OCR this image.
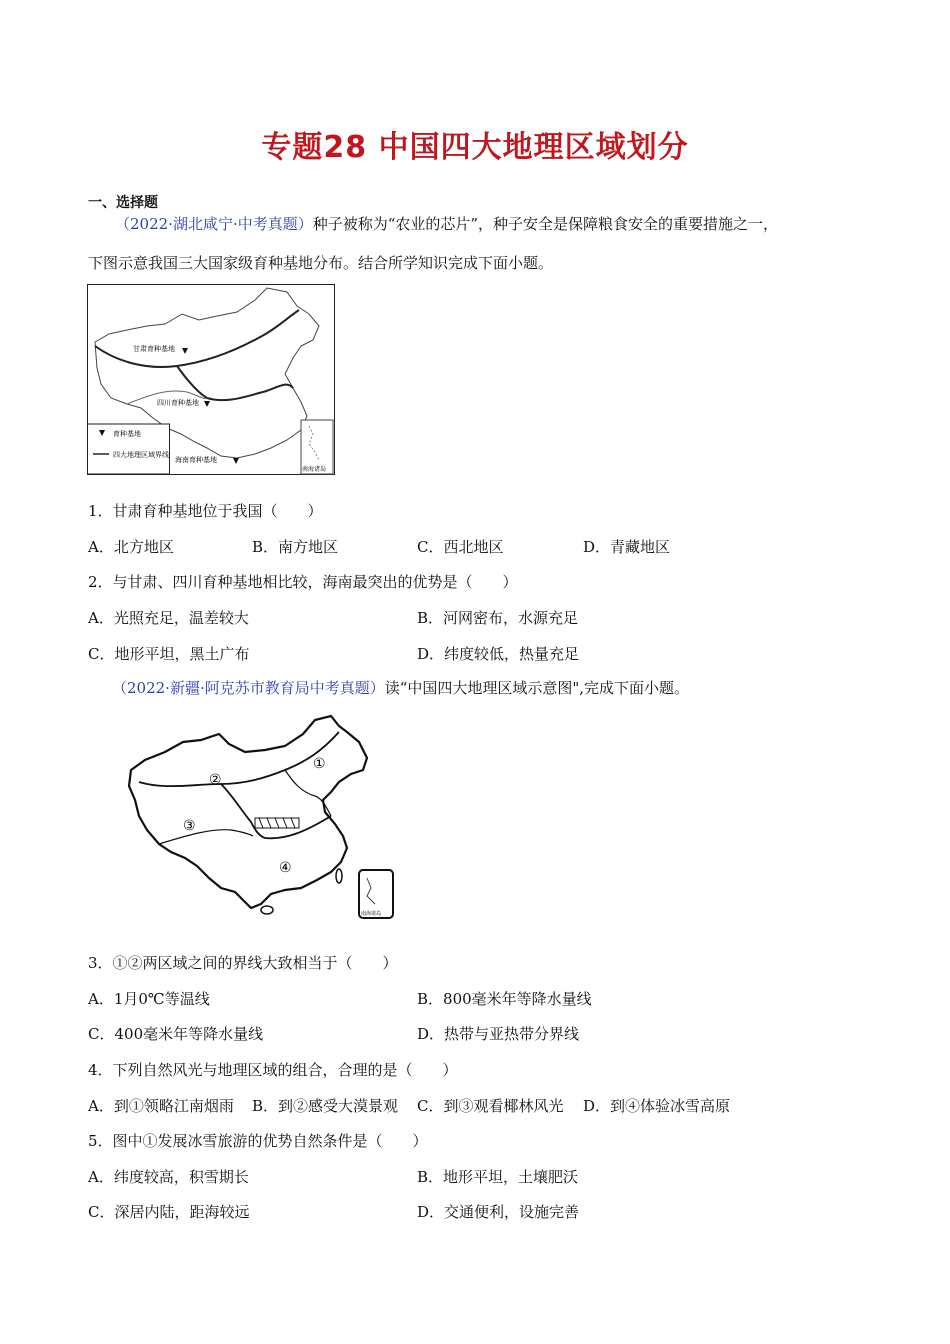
专题28 中国四大地理区域划分
一、选择题
（2022·湖北咸宁·中考真题）种子被称为“农业的芯片”，种子安全是保障粮食安全的重要措施之一，
下图示意我国三大国家级育种基地分布。结合所学知识完成下面小题。
甘肃育种基地
四川育种基地
海南育种基地
育种基地
四大地理区域界线
南海诸岛
1．甘肃育种基地位于我国（　　）
A．北方地区	B．南方地区	C．西北地区	D．青藏地区
2．与甘肃、四川育种基地相比较，海南最突出的优势是（　　）
A．光照充足，温差较大	B．河网密布，水源充足
C．地形平坦，黑土广布	D．纬度较低，热量充足
（2022·新疆·阿克苏市教育局中考真题）读“中国四大地理区域示意图",完成下面小题。
①
②
③
④
南海诸岛
3．①②两区域之间的界线大致相当于（　　）
A．1月0℃等温线	B．800毫米年等降水量线
C．400毫米年等降水量线	D．热带与亚热带分界线
4．下列自然风光与地理区域的组合，合理的是（　　）
A．到①领略江南烟雨 B．到②感受大漠景观 C．到③观看椰林风光 D．到④体验冰雪高原
5．图中①发展冰雪旅游的优势自然条件是（　　）
A．纬度较高，积雪期长	B．地形平坦，土壤肥沃
C．深居内陆，距海较远	D．交通便利，设施完善
